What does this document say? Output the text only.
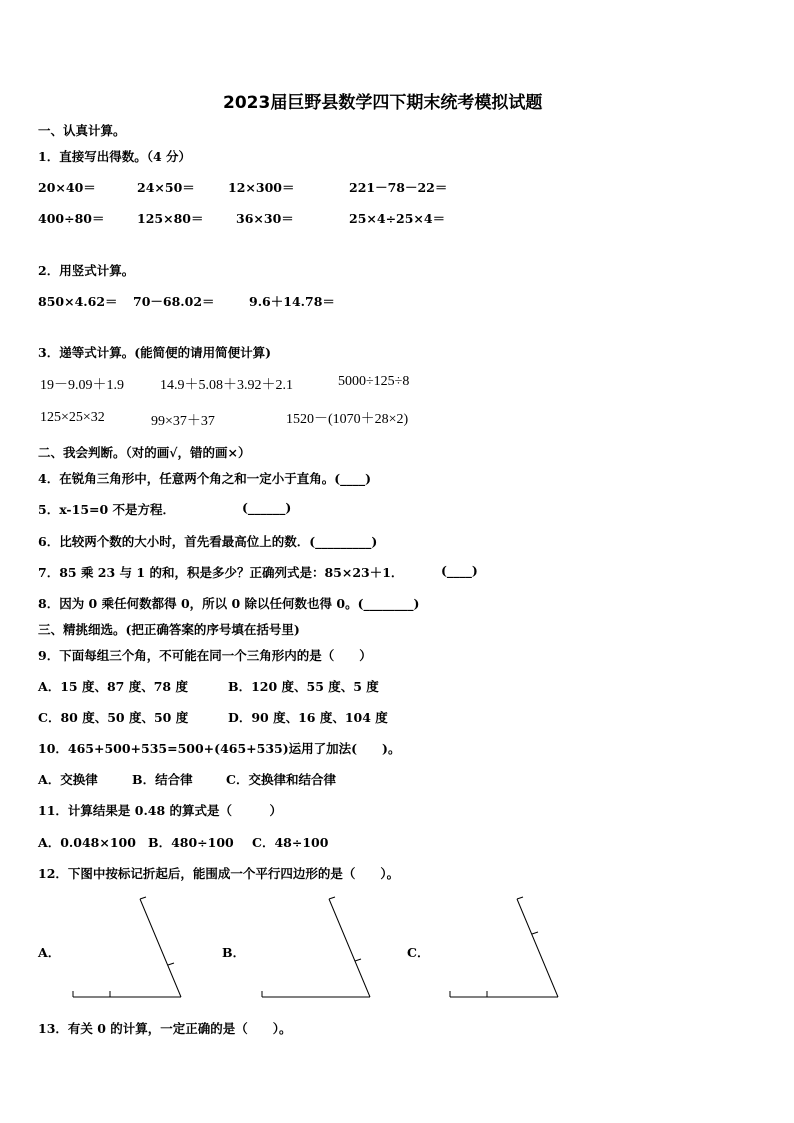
2023届巨野县数学四下期末统考模拟试题
一、认真计算。
1．直接写出得数。（4 分）
20×40＝	24×50＝	12×300＝	221－78－22＝
400÷80＝	125×80＝	36×30＝	25×4÷25×4＝
2．用竖式计算。
850×4.62＝ 70－68.02＝	9.6＋14.78＝
3．递等式计算。(能简便的请用简便计算)
19－9.09＋1.9	14.9＋5.08＋3.92＋2.1	5000÷125÷8
125×25×32	99×37＋37	1520－(1070＋28×2)
二、我会判断。（对的画√，错的画×）
4．在锐角三角形中，任意两个角之和一定小于直角。(____)
5．x-15=0 不是方程．	(______)
6．比较两个数的大小时，首先看最高位上的数．(_________)
7．85 乘 23 与 1 的和，积是多少？正确列式是：85×23＋1．	(____)
8．因为 0 乘任何数都得 0，所以 0 除以任何数也得 0。(________)
三、精挑细选。(把正确答案的序号填在括号里)
9．下面每组三个角，不可能在同一个三角形内的是（　　）
A．15 度、87 度、78 度	B．120 度、55 度、5 度
C．80 度、50 度、50 度	D．90 度、16 度、104 度
10．465+500+535=500+(465+535)运用了加法(　　)。
A．交换律	B．结合律	C．交换律和结合律
11．计算结果是 0.48 的算式是（　　　）
A．0.048×100 B．480÷100 C．48÷100
12．下图中按标记折起后，能围成一个平行四边形的是（　　）。
A．	B．	C．
13．有关 0 的计算，一定正确的是（　　）。
